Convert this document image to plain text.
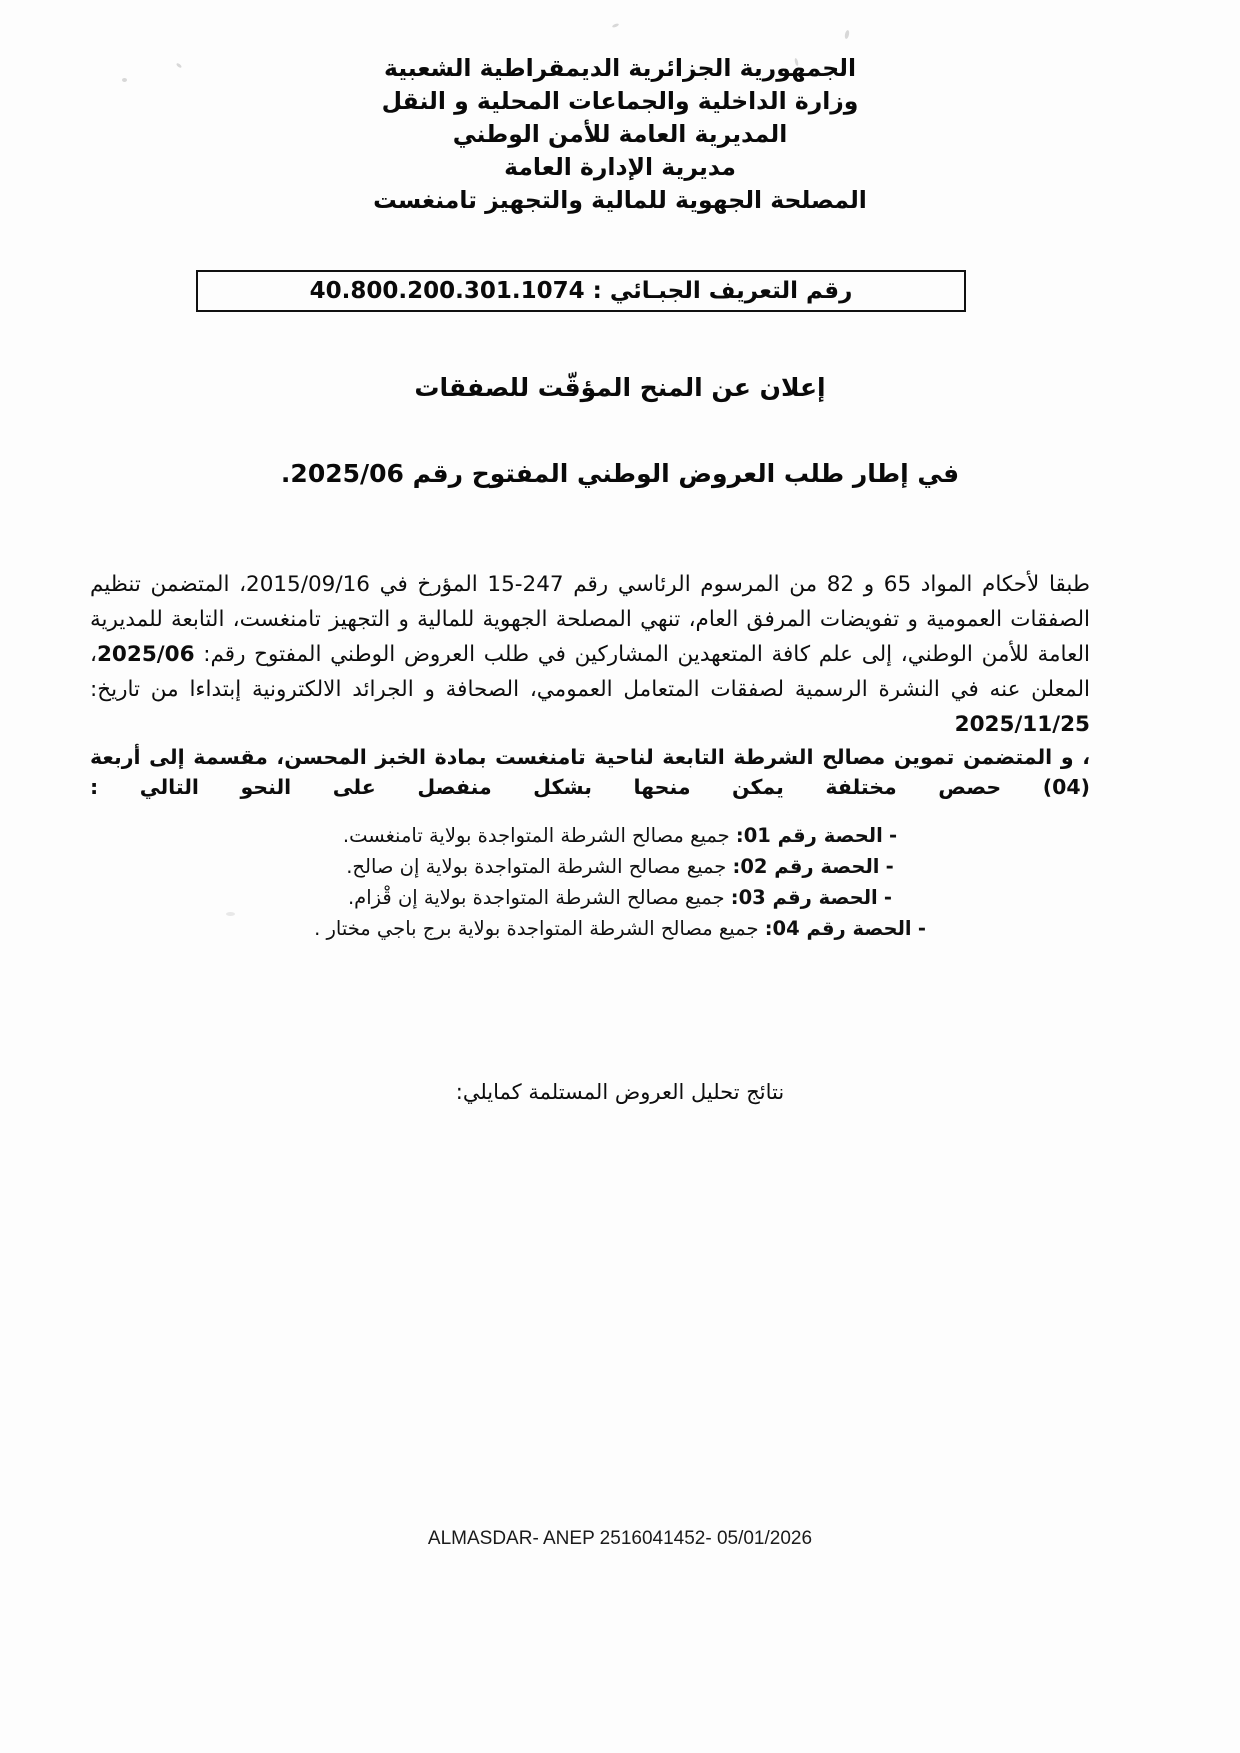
الجمهورية الجزائرية الديمقراطية الشعبية
وزارة الداخلية والجماعات المحلية و النقل
المديرية العامة للأمن الوطني
مديرية الإدارة العامة
المصلحة الجهوية للمالية والتجهيز تامنغست
رقم التعريف الجبـائي : 40.800.200.301.1074
إعلان عن المنح المؤقّت للصفقات
في إطار طلب العروض الوطني المفتوح رقم 2025/06.
طبقا لأحكام المواد 65 و 82 من المرسوم الرئاسي رقم 247-15 المؤرخ في 2015/09/16، المتضمن تنظيم الصفقات العمومية و تفويضات المرفق العام، تنهي المصلحة الجهوية للمالية و التجهيز تامنغست، التابعة للمديرية العامة للأمن الوطني، إلى علم كافة المتعهدين المشاركين في طلب العروض الوطني المفتوح رقم: 2025/06، المعلن عنه في النشرة الرسمية لصفقات المتعامل العمومي، الصحافة و الجرائد الالكترونية إبتداءا من تاريخ: 2025/11/25
، و المتضمن تموين مصالح الشرطة التابعة لناحية تامنغست بمادة الخبز المحسن، مقسمة إلى أربعة (04) حصص مختلفة يمكن منحها بشكل منفصل على النحو التالي :
- الحصة رقم 01: جميع مصالح الشرطة المتواجدة بولاية تامنغست.
- الحصة رقم 02: جميع مصالح الشرطة المتواجدة بولاية إن صالح.
- الحصة رقم 03: جميع مصالح الشرطة المتواجدة بولاية إن قْزام.
- الحصة رقم 04: جميع مصالح الشرطة المتواجدة بولاية برج باجي مختار .
نتائج تحليل العروض المستلمة كمايلي:
ALMASDAR- ANEP 2516041452- 05/01/2026
